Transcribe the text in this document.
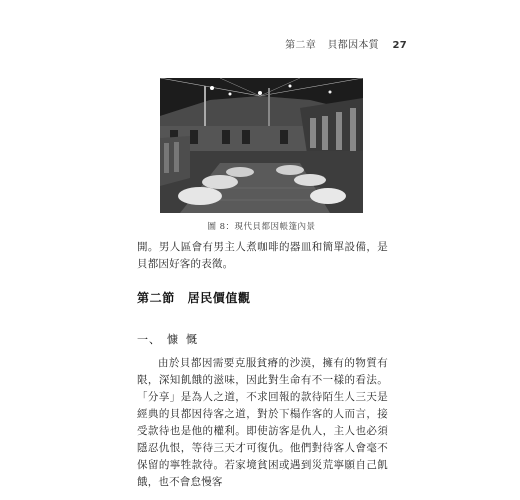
第二章 貝都因本質 27
圖 8：現代貝都因帳篷內景
開。男人區會有男主人煮咖啡的器皿和簡單設備，是貝都因好客的表徵。
第二節 居民價值觀
一、 慷慨
由於貝都因需要克服貧瘠的沙漠，擁有的物質有限，深知飢餓的滋味，因此對生命有不一樣的看法。「分享」是為人之道，不求回報的款待陌生人三天是經典的貝都因待客之道，對於下榻作客的人而言，接受款待也是他的權利。即使訪客是仇人，主人也必須隱忍仇恨，等待三天才可復仇。他們對待客人會毫不保留的寧牲款待。若家境貧困或遇到災荒寧願自己飢餓，也不會怠慢客
